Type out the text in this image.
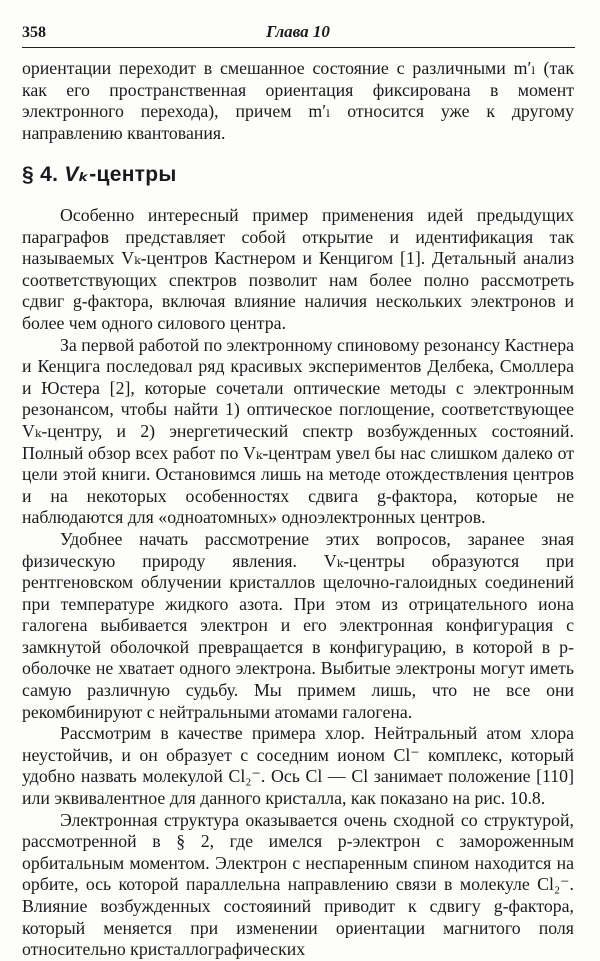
358	Глава 10

ориентации переходит в смешанное состояние с различными m′ₗ (так как его пространственная ориентация фиксирована в момент электронного перехода), причем m′ₗ относится уже к другому направлению квантования.

§ 4. Vₖ-центры

Особенно интересный пример применения идей предыдущих параграфов представляет собой открытие и идентификация так называемых Vₖ-центров Кастнером и Кенцигом [1]. Детальный анализ соответствующих спектров позволит нам более полно рассмотреть сдвиг g-фактора, включая влияние наличия нескольких электронов и более чем одного силового центра.

За первой работой по электронному спиновому резонансу Кастнера и Кенцига последовал ряд красивых экспериментов Делбека, Смоллера и Юстера [2], которые сочетали оптические методы с электронным резонансом, чтобы найти 1) оптическое поглощение, соответствующее Vₖ-центру, и 2) энергетический спектр возбужденных состояний. Полный обзор всех работ по Vₖ-центрам увел бы нас слишком далеко от цели этой книги. Остановимся лишь на методе отождествления центров и на некоторых особенностях сдвига g-фактора, которые не наблюдаются для «одноатомных» одноэлектронных центров.

Удобнее начать рассмотрение этих вопросов, заранее зная физическую природу явления. Vₖ-центры образуются при рентгеновском облучении кристаллов щелочно-галоидных соединений при температуре жидкого азота. При этом из отрицательного иона галогена выбивается электрон и его электронная конфигурация с замкнутой оболочкой превращается в конфигурацию, в которой в p-оболочке не хватает одного электрона. Выбитые электроны могут иметь самую различную судьбу. Мы примем лишь, что не все они рекомбинируют с нейтральными атомами галогена.

Рассмотрим в качестве примера хлор. Нейтральный атом хлора неустойчив, и он образует с соседним ионом Cl⁻ комплекс, который удобно назвать молекулой Cl₂⁻. Ось Cl — Cl занимает положение [110] или эквивалентное для данного кристалла, как показано на рис. 10.8.

Электронная структура оказывается очень сходной со структурой, рассмотренной в § 2, где имелся p-электрон с замороженным орбитальным моментом. Электрон с неспаренным спином находится на орбите, ось которой параллельна направлению связи в молекуле Cl₂⁻. Влияние возбужденных состояиний приводит к сдвигу g-фактора, который меняется при изменении ориентации магнитого поля относительно кристаллографических
